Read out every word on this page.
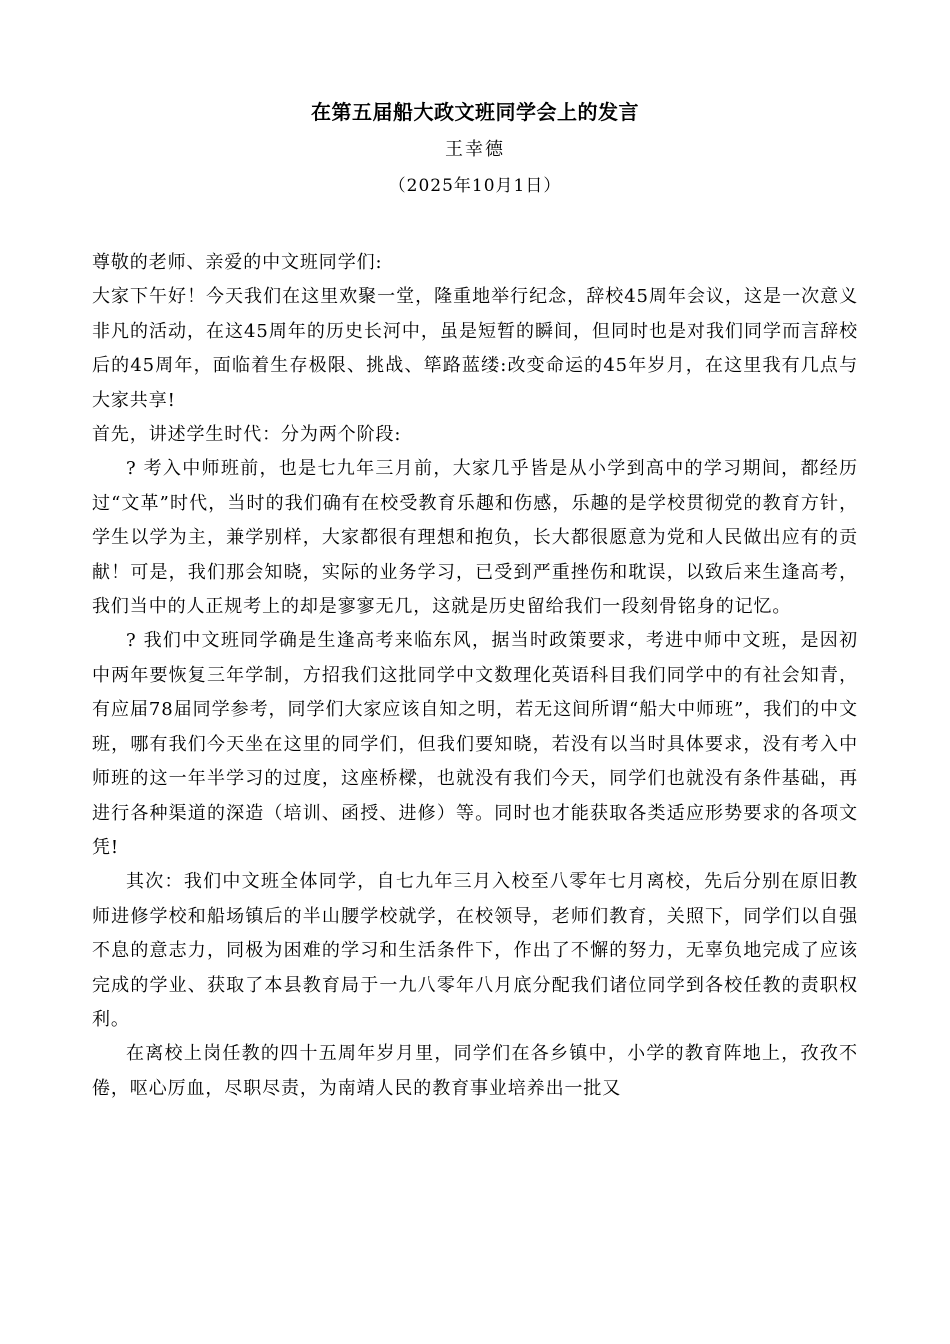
在第五届船大政文班同学会上的发言
王幸德
（2025年10月1日）

尊敬的老师、亲爱的中文班同学们:

大家下午好！今天我们在这里欢聚一堂，隆重地举行纪念，辞校45周年会议，这是一次意义非凡的活动，在这45周年的历史长河中，虽是短暂的瞬间，但同时也是对我们同学而言辞校后的45周年，面临着生存极限、挑战、筚路蓝缕:改变命运的45年岁月，在这里我有几点与大家共享!

首先，讲述学生时代：分为两个阶段:

? 考入中师班前，也是七九年三月前，大家几乎皆是从小学到高中的学习期间，都经历过“文革”时代，当时的我们确有在校受教育乐趣和伤感，乐趣的是学校贯彻党的教育方针，学生以学为主，兼学别样，大家都很有理想和抱负，长大都很愿意为党和人民做出应有的贡献！可是，我们那会知晓，实际的业务学习，已受到严重挫伤和耽误，以致后来生逢高考，我们当中的人正规考上的却是寥寥无几，这就是历史留给我们一段刻骨铭身的记忆。

? 我们中文班同学确是生逢高考来临东风，据当时政策要求，考进中师中文班，是因初中两年要恢复三年学制，方招我们这批同学中文数理化英语科目我们同学中的有社会知青，有应届78届同学参考，同学们大家应该自知之明，若无这间所谓“船大中师班”，我们的中文班，哪有我们今天坐在这里的同学们，但我们要知晓，若没有以当时具体要求，没有考入中师班的这一年半学习的过度，这座桥樑，也就没有我们今天，同学们也就没有条件基础，再进行各种渠道的深造（培训、函授、进修）等。同时也才能获取各类适应形势要求的各项文凭!

其次：我们中文班全体同学，自七九年三月入校至八零年七月离校，先后分别在原旧教师进修学校和船场镇后的半山腰学校就学，在校领导，老师们教育，关照下，同学们以自强不息的意志力，同极为困难的学习和生活条件下，作出了不懈的努力，无辜负地完成了应该完成的学业、获取了本县教育局于一九八零年八月底分配我们诸位同学到各校任教的责职权利。

在离校上岗任教的四十五周年岁月里，同学们在各乡镇中，小学的教育阵地上，孜孜不倦，呕心厉血，尽职尽责，为南靖人民的教育事业培养出一批又
